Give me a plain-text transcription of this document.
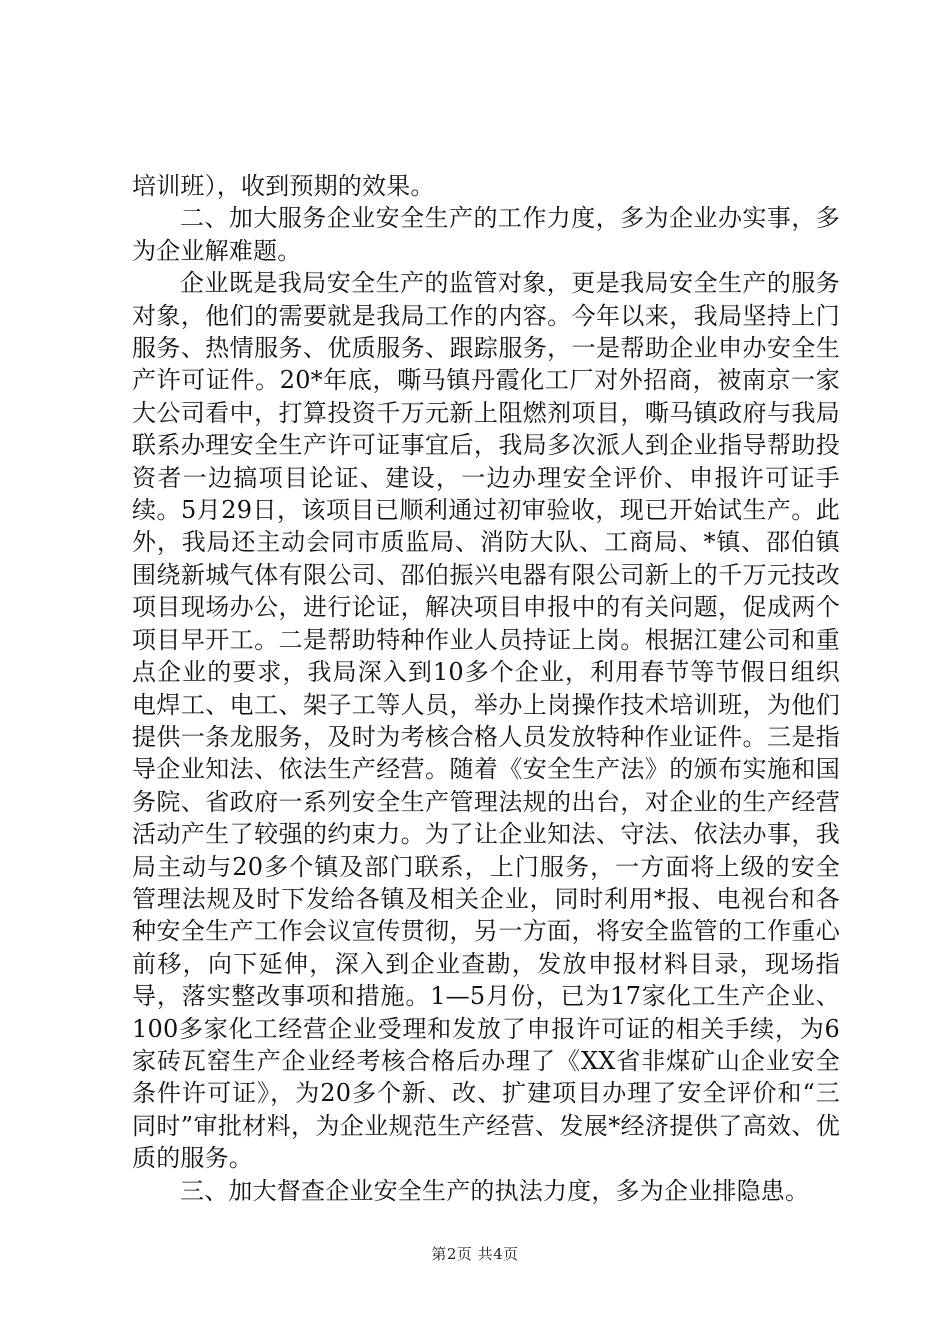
培训班），收到预期的效果。

二、加大服务企业安全生产的工作力度，多为企业办实事，多为企业解难题。

企业既是我局安全生产的监管对象，更是我局安全生产的服务对象，他们的需要就是我局工作的内容。今年以来，我局坚持上门服务、热情服务、优质服务、跟踪服务，一是帮助企业申办安全生产许可证件。20*年底，嘶马镇丹霞化工厂对外招商，被南京一家大公司看中，打算投资千万元新上阻燃剂项目，嘶马镇政府与我局联系办理安全生产许可证事宜后，我局多次派人到企业指导帮助投资者一边搞项目论证、建设，一边办理安全评价、申报许可证手续。5月29日，该项目已顺利通过初审验收，现已开始试生产。此外，我局还主动会同市质监局、消防大队、工商局、*镇、邵伯镇围绕新城气体有限公司、邵伯振兴电器有限公司新上的千万元技改项目现场办公，进行论证，解决项目申报中的有关问题，促成两个项目早开工。二是帮助特种作业人员持证上岗。根据江建公司和重点企业的要求，我局深入到10多个企业，利用春节等节假日组织电焊工、电工、架子工等人员，举办上岗操作技术培训班，为他们提供一条龙服务，及时为考核合格人员发放特种作业证件。三是指导企业知法、依法生产经营。随着《安全生产法》的颁布实施和国务院、省政府一系列安全生产管理法规的出台，对企业的生产经营活动产生了较强的约束力。为了让企业知法、守法、依法办事，我局主动与20多个镇及部门联系，上门服务，一方面将上级的安全管理法规及时下发给各镇及相关企业，同时利用*报、电视台和各种安全生产工作会议宣传贯彻，另一方面，将安全监管的工作重心前移，向下延伸，深入到企业查勘，发放申报材料目录，现场指导，落实整改事项和措施。1—5月份，已为17家化工生产企业、100多家化工经营企业受理和发放了申报许可证的相关手续，为6家砖瓦窑生产企业经考核合格后办理了《XX省非煤矿山企业安全条件许可证》，为20多个新、改、扩建项目办理了安全评价和“三同时”审批材料，为企业规范生产经营、发展*经济提供了高效、优质的服务。

三、加大督查企业安全生产的执法力度，多为企业排隐患。

第2页 共4页
